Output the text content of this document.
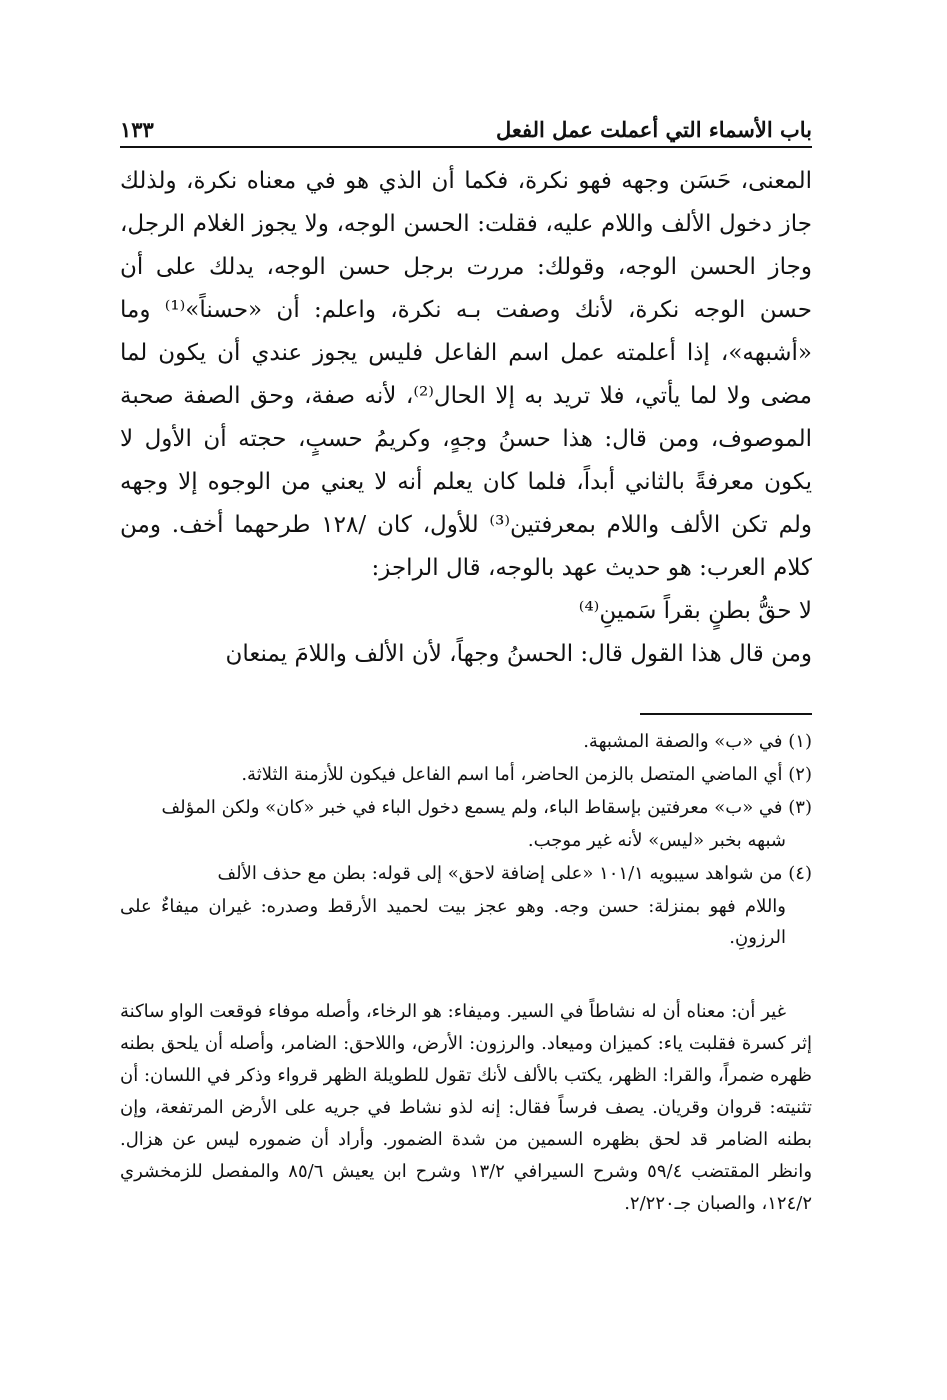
باب الأسماء التي أعملت عمل الفعل
١٣٣

المعنى، حَسَن وجهه فهو نكرة، فكما أن الذي هو في معناه نكرة، ولذلك جاز دخول الألف واللام عليه، فقلت: الحسن الوجه، ولا يجوز الغلام الرجل، وجاز الحسن الوجه، وقولك: مررت برجل حسن الوجه، يدلك على أن حسن الوجه نكرة، لأنك وصفت بـه نكرة، واعلم: أن «حسناً»⁽¹⁾ وما «أشبهه»، إذا أعلمته عمل اسم الفاعل فليس يجوز عندي أن يكون لما مضى ولا لما يأتي، فلا تريد به إلا الحال⁽²⁾، لأنه صفة، وحق الصفة صحبة الموصوف، ومن قال: هذا حسنُ وجهٍ، وكريمُ حسبٍ، حجته أن الأول لا يكون معرفةً بالثاني أبداً، فلما كان يعلم أنه لا يعني من الوجوه إلا وجهه ولم تكن الألف واللام بمعرفتين⁽³⁾ للأول، كان /١٢٨ طرحهما أخف. ومن كلام العرب: هو حديث عهد بالوجه، قال الراجز:

لا حقُّ بطنٍ بقراً سَمينِ⁽⁴⁾

ومن قال هذا القول قال: الحسنُ وجهاً، لأن الألف واللامَ يمنعان

(١) في «ب» والصفة المشبهة.

(٢) أي الماضي المتصل بالزمن الحاضر، أما اسم الفاعل فيكون للأزمنة الثلاثة.

(٣) في «ب» معرفتين بإسقاط الباء، ولم يسمع دخول الباء في خبر «كان» ولكن المؤلف

شبهه بخبر «ليس» لأنه غير موجب.

(٤) من شواهد سيبويه ١٠١/١ «على إضافة لاحق» إلى قوله: بطن مع حذف الألف

واللام فهو بمنزلة: حسن وجه. وهو عجز بيت لحميد الأرقط وصدره: غيران ميفاءٌ على الرزونِ.

غير أن: معناه أن له نشاطاً في السير. وميفاء: هو الرخاء، وأصله موفاء فوقعت الواو ساكنة إثر كسرة فقلبت ياء: كميزان وميعاد. والرزون: الأرض، واللاحق: الضامر، وأصله أن يلحق بطنه ظهره ضمراً، والقرا: الظهر، يكتب بالألف لأنك تقول للطويلة الظهر قرواء وذكر في اللسان: أن تثنيته: قروان وقريان. يصف فرساً فقال: إنه لذو نشاط في جريه على الأرض المرتفعة، وإن بطنه الضامر قد لحق بظهره السمين من شدة الضمور. وأراد أن ضموره ليس عن هزال. وانظر المقتضب ٥٩/٤ وشرح السيرافي ١٣/٢ وشرح ابن يعيش ٨٥/٦ والمفصل للزمخشري ١٢٤/٢، والصبان جـ٢/٢٢٠.
